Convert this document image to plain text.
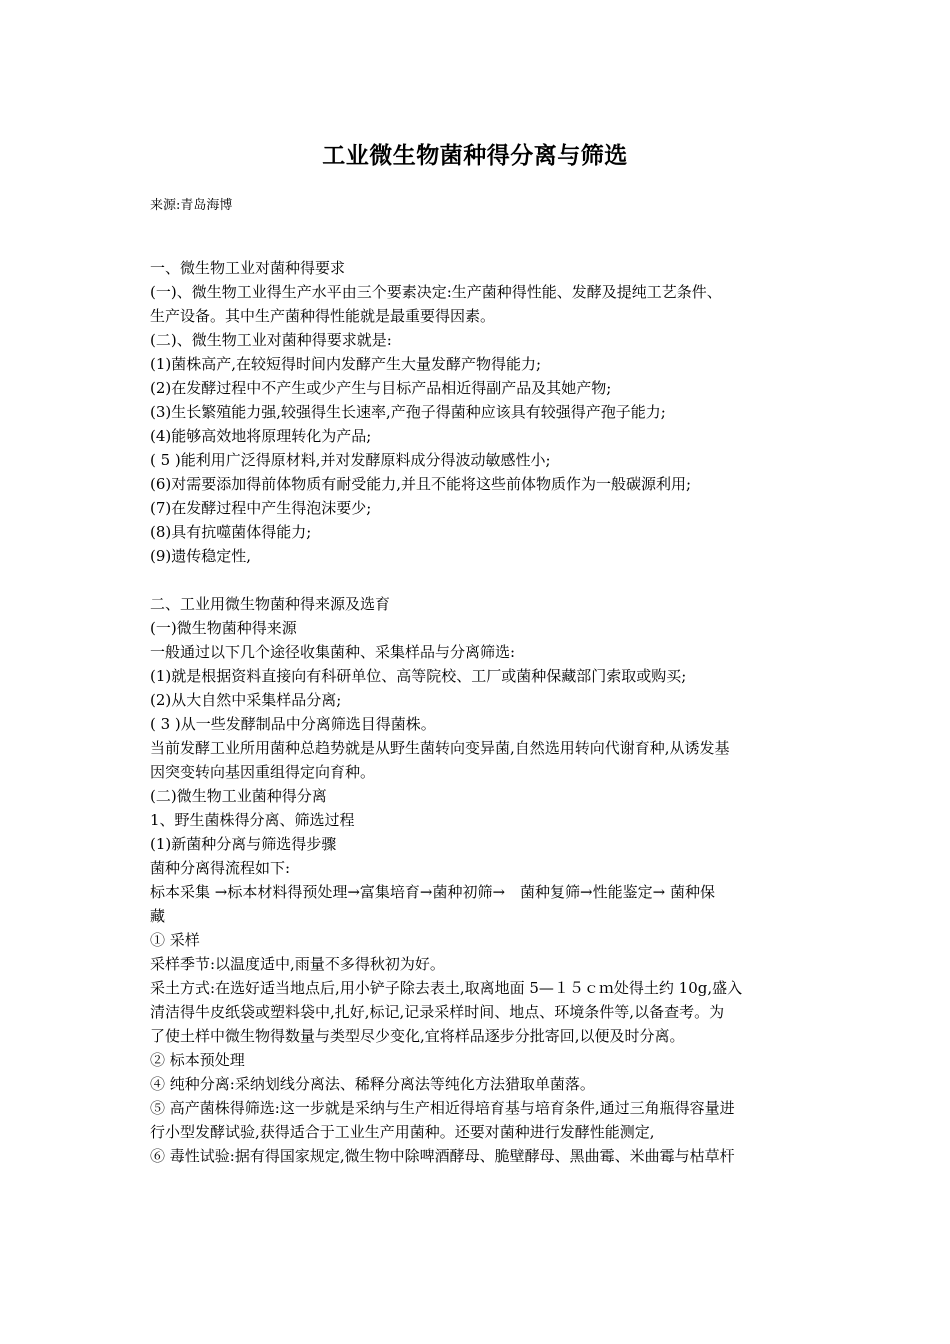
工业微生物菌种得分离与筛选

来源:青岛海博

一、微生物工业对菌种得要求

(一)、微生物工业得生产水平由三个要素决定:生产菌种得性能、发酵及提纯工艺条件、

生产设备。其中生产菌种得性能就是最重要得因素。

(二)、微生物工业对菌种得要求就是:

(1)菌株高产,在较短得时间内发酵产生大量发酵产物得能力;

(2)在发酵过程中不产生或少产生与目标产品相近得副产品及其她产物;

(3)生长繁殖能力强,较强得生长速率,产孢子得菌种应该具有较强得产孢子能力;

(4)能够高效地将原理转化为产品;

( 5 )能利用广泛得原材料,并对发酵原料成分得波动敏感性小;

(6)对需要添加得前体物质有耐受能力,并且不能将这些前体物质作为一般碳源利用;

(7)在发酵过程中产生得泡沫要少;

(8)具有抗噬菌体得能力;

(9)遗传稳定性,

二、工业用微生物菌种得来源及选育

(一)微生物菌种得来源

一般通过以下几个途径收集菌种、采集样品与分离筛选:

(1)就是根据资料直接向有科研单位、高等院校、工厂或菌种保藏部门索取或购买;

(2)从大自然中采集样品分离;

( 3 )从一些发酵制品中分离筛选目得菌株。

当前发酵工业所用菌种总趋势就是从野生菌转向变异菌,自然选用转向代谢育种,从诱发基

因突变转向基因重组得定向育种。

(二)微生物工业菌种得分离

1、野生菌株得分离、筛选过程

(1)新菌种分离与筛选得步骤

菌种分离得流程如下:

标本采集 →标本材料得预处理→富集培育→菌种初筛→　菌种复筛→性能鉴定→ 菌种保

藏

① 采样

采样季节:以温度适中,雨量不多得秋初为好。

采土方式:在选好适当地点后,用小铲子除去表土,取离地面 5—１５ｃｍ处得土约 10g,盛入

清洁得牛皮纸袋或塑料袋中,扎好,标记,记录采样时间、地点、环境条件等,以备查考。为

了使土样中微生物得数量与类型尽少变化,宜将样品逐步分批寄回,以便及时分离。

② 标本预处理

④ 纯种分离:采纳划线分离法、稀释分离法等纯化方法猎取单菌落。

⑤ 高产菌株得筛选:这一步就是采纳与生产相近得培育基与培育条件,通过三角瓶得容量进

行小型发酵试验,获得适合于工业生产用菌种。还要对菌种进行发酵性能测定,

⑥ 毒性试验:据有得国家规定,微生物中除啤酒酵母、脆壁酵母、黑曲霉、米曲霉与枯草杆
